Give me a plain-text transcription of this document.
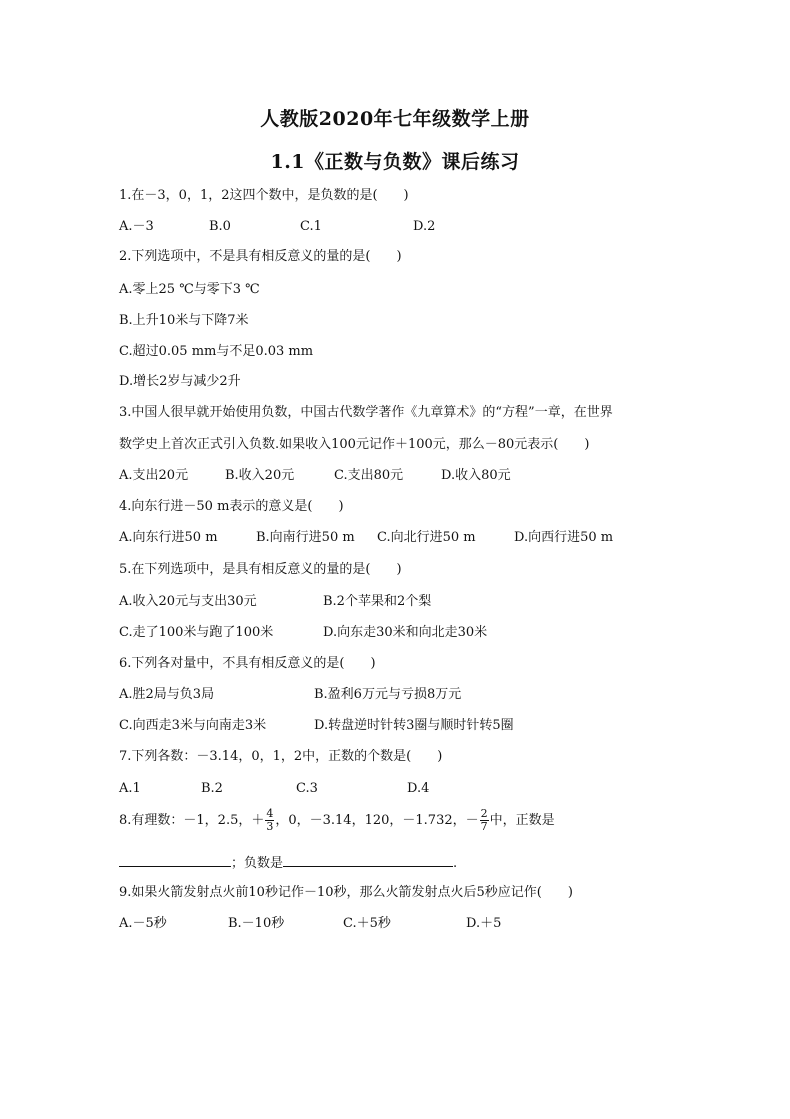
人教版2020年七年级数学上册
1.1《正数与负数》课后练习
1.在－3，0，1，2这四个数中，是负数的是(　　)
A.－3	B.0	C.1	D.2
2.下列选项中，不是具有相反意义的量的是(　　)
A.零上25 ℃与零下3 ℃
B.上升10米与下降7米
C.超过0.05 mm与不足0.03 mm
D.增长2岁与减少2升
3.中国人很早就开始使用负数，中国古代数学著作《九章算术》的“方程”一章，在世界
数学史上首次正式引入负数.如果收入100元记作＋100元，那么－80元表示(　　)
A.支出20元	B.收入20元	C.支出80元	D.收入80元
4.向东行进－50 m表示的意义是(　　)
A.向东行进50 m	B.向南行进50 m C.向北行进50 m	D.向西行进50 m
5.在下列选项中，是具有相反意义的量的是(　　)
A.收入20元与支出30元	B.2个苹果和2个梨
C.走了100米与跑了100米	D.向东走30米和向北走30米
6.下列各对量中，不具有相反意义的是(　　)
A.胜2局与负3局	B.盈利6万元与亏损8万元
C.向西走3米与向南走3米	D.转盘逆时针转3圈与顺时针转5圈
7.下列各数：－3.14，0，1，2中，正数的个数是(　　)
A.1	B.2	C.3	D.4
8.有理数：－1，2.5，＋ $\frac{4}{3}$ ，0，－3.14，120，－1.732，－ $\frac{2}{7}$ 中，正数是
；负数是	.
9.如果火箭发射点火前10秒记作－10秒，那么火箭发射点火后5秒应记作(　　)
A.－5秒	B.－10秒	C.＋5秒	D.＋5
